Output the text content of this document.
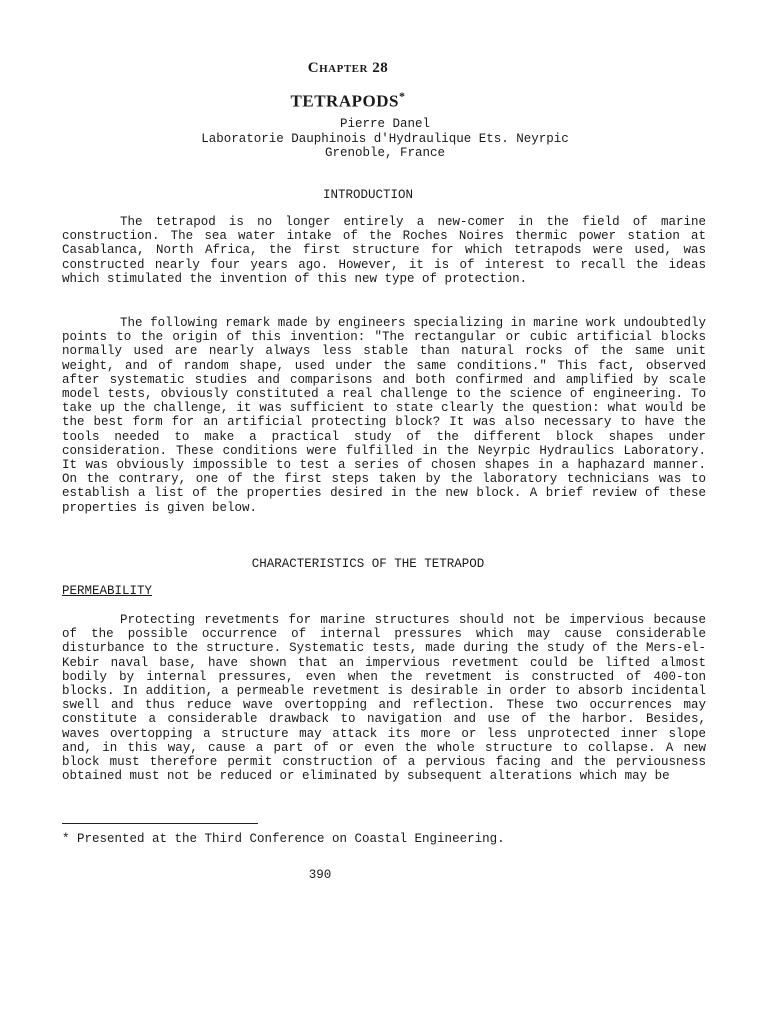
Chapter 28
TETRAPODS*
Pierre Danel
Laboratorie Dauphinois d'Hydraulique Ets. Neyrpic
Grenoble, France
INTRODUCTION

The tetrapod is no longer entirely a new-comer in the field of marine construction. The sea water intake of the Roches Noires thermic power station at Casablanca, North Africa, the first structure for which tetrapods were used, was constructed nearly four years ago. However, it is of interest to recall the ideas which stimulated the invention of this new type of protection.

The following remark made by engineers specializing in marine work undoubtedly points to the origin of this invention: "The rectangular or cubic artificial blocks normally used are nearly always less stable than natural rocks of the same unit weight, and of random shape, used under the same conditions." This fact, observed after systematic studies and comparisons and both confirmed and amplified by scale model tests, obviously constituted a real challenge to the science of engineering. To take up the challenge, it was sufficient to state clearly the question: what would be the best form for an artificial protecting block? It was also necessary to have the tools needed to make a practical study of the different block shapes under consideration. These conditions were fulfilled in the Neyrpic Hydraulics Laboratory. It was obviously impossible to test a series of chosen shapes in a haphazard manner. On the contrary, one of the first steps taken by the laboratory technicians was to establish a list of the properties desired in the new block. A brief review of these properties is given below.

CHARACTERISTICS OF THE TETRAPOD
PERMEABILITY

Protecting revetments for marine structures should not be impervious because of the possible occurrence of internal pressures which may cause considerable disturbance to the structure. Systematic tests, made during the study of the Mers-el-Kebir naval base, have shown that an impervious revetment could be lifted almost bodily by internal pressures, even when the revetment is constructed of 400-ton blocks. In addition, a permeable revetment is desirable in order to absorb incidental swell and thus reduce wave overtopping and reflection. These two occurrences may constitute a considerable drawback to navigation and use of the harbor. Besides, waves overtopping a structure may attack its more or less unprotected inner slope and, in this way, cause a part of or even the whole structure to collapse. A new block must therefore permit construction of a pervious facing and the perviousness obtained must not be reduced or eliminated by subsequent alterations which may be

* Presented at the Third Conference on Coastal Engineering.
390
